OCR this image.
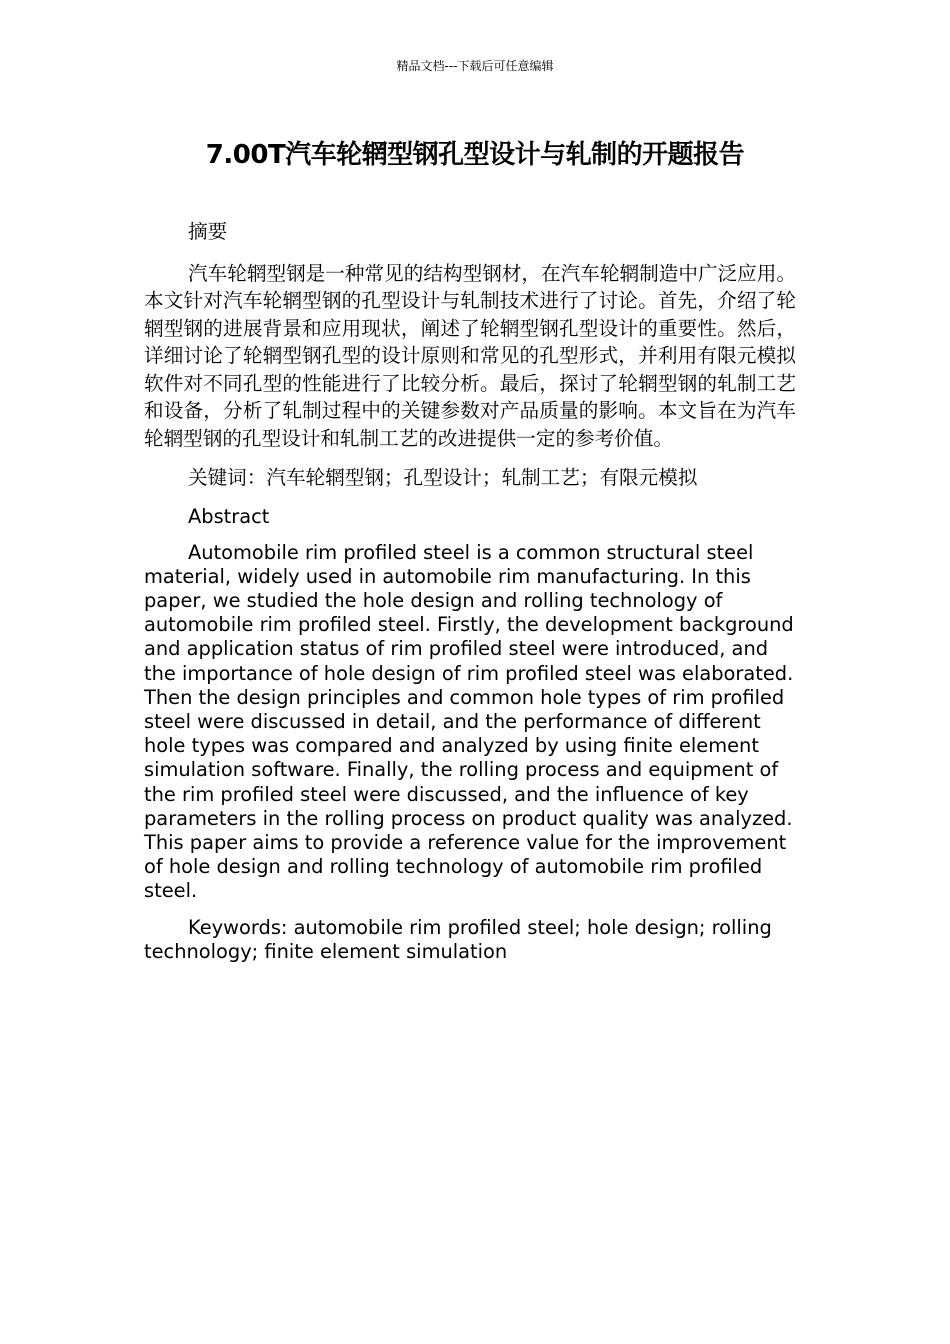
精品文档---下载后可任意编辑
7.00T汽车轮辋型钢孔型设计与轧制的开题报告

摘要

汽车轮辋型钢是一种常见的结构型钢材，在汽车轮辋制造中广泛应用。本文针对汽车轮辋型钢的孔型设计与轧制技术进行了讨论。首先，介绍了轮辋型钢的进展背景和应用现状，阐述了轮辋型钢孔型设计的重要性。然后，详细讨论了轮辋型钢孔型的设计原则和常见的孔型形式，并利用有限元模拟软件对不同孔型的性能进行了比较分析。最后，探讨了轮辋型钢的轧制工艺和设备，分析了轧制过程中的关键参数对产品质量的影响。本文旨在为汽车轮辋型钢的孔型设计和轧制工艺的改进提供一定的参考价值。

关键词：汽车轮辋型钢；孔型设计；轧制工艺；有限元模拟

Abstract

Automobile rim profiled steel is a common structural steel material, widely used in automobile rim manufacturing. In this paper, we studied the hole design and rolling technology of automobile rim profiled steel. Firstly, the development background and application status of rim profiled steel were introduced, and the importance of hole design of rim profiled steel was elaborated. Then the design principles and common hole types of rim profiled steel were discussed in detail, and the performance of different hole types was compared and analyzed by using finite element simulation software. Finally, the rolling process and equipment of the rim profiled steel were discussed, and the influence of key parameters in the rolling process on product quality was analyzed. This paper aims to provide a reference value for the improvement of hole design and rolling technology of automobile rim profiled steel.

Keywords: automobile rim profiled steel; hole design; rolling technology; finite element simulation
